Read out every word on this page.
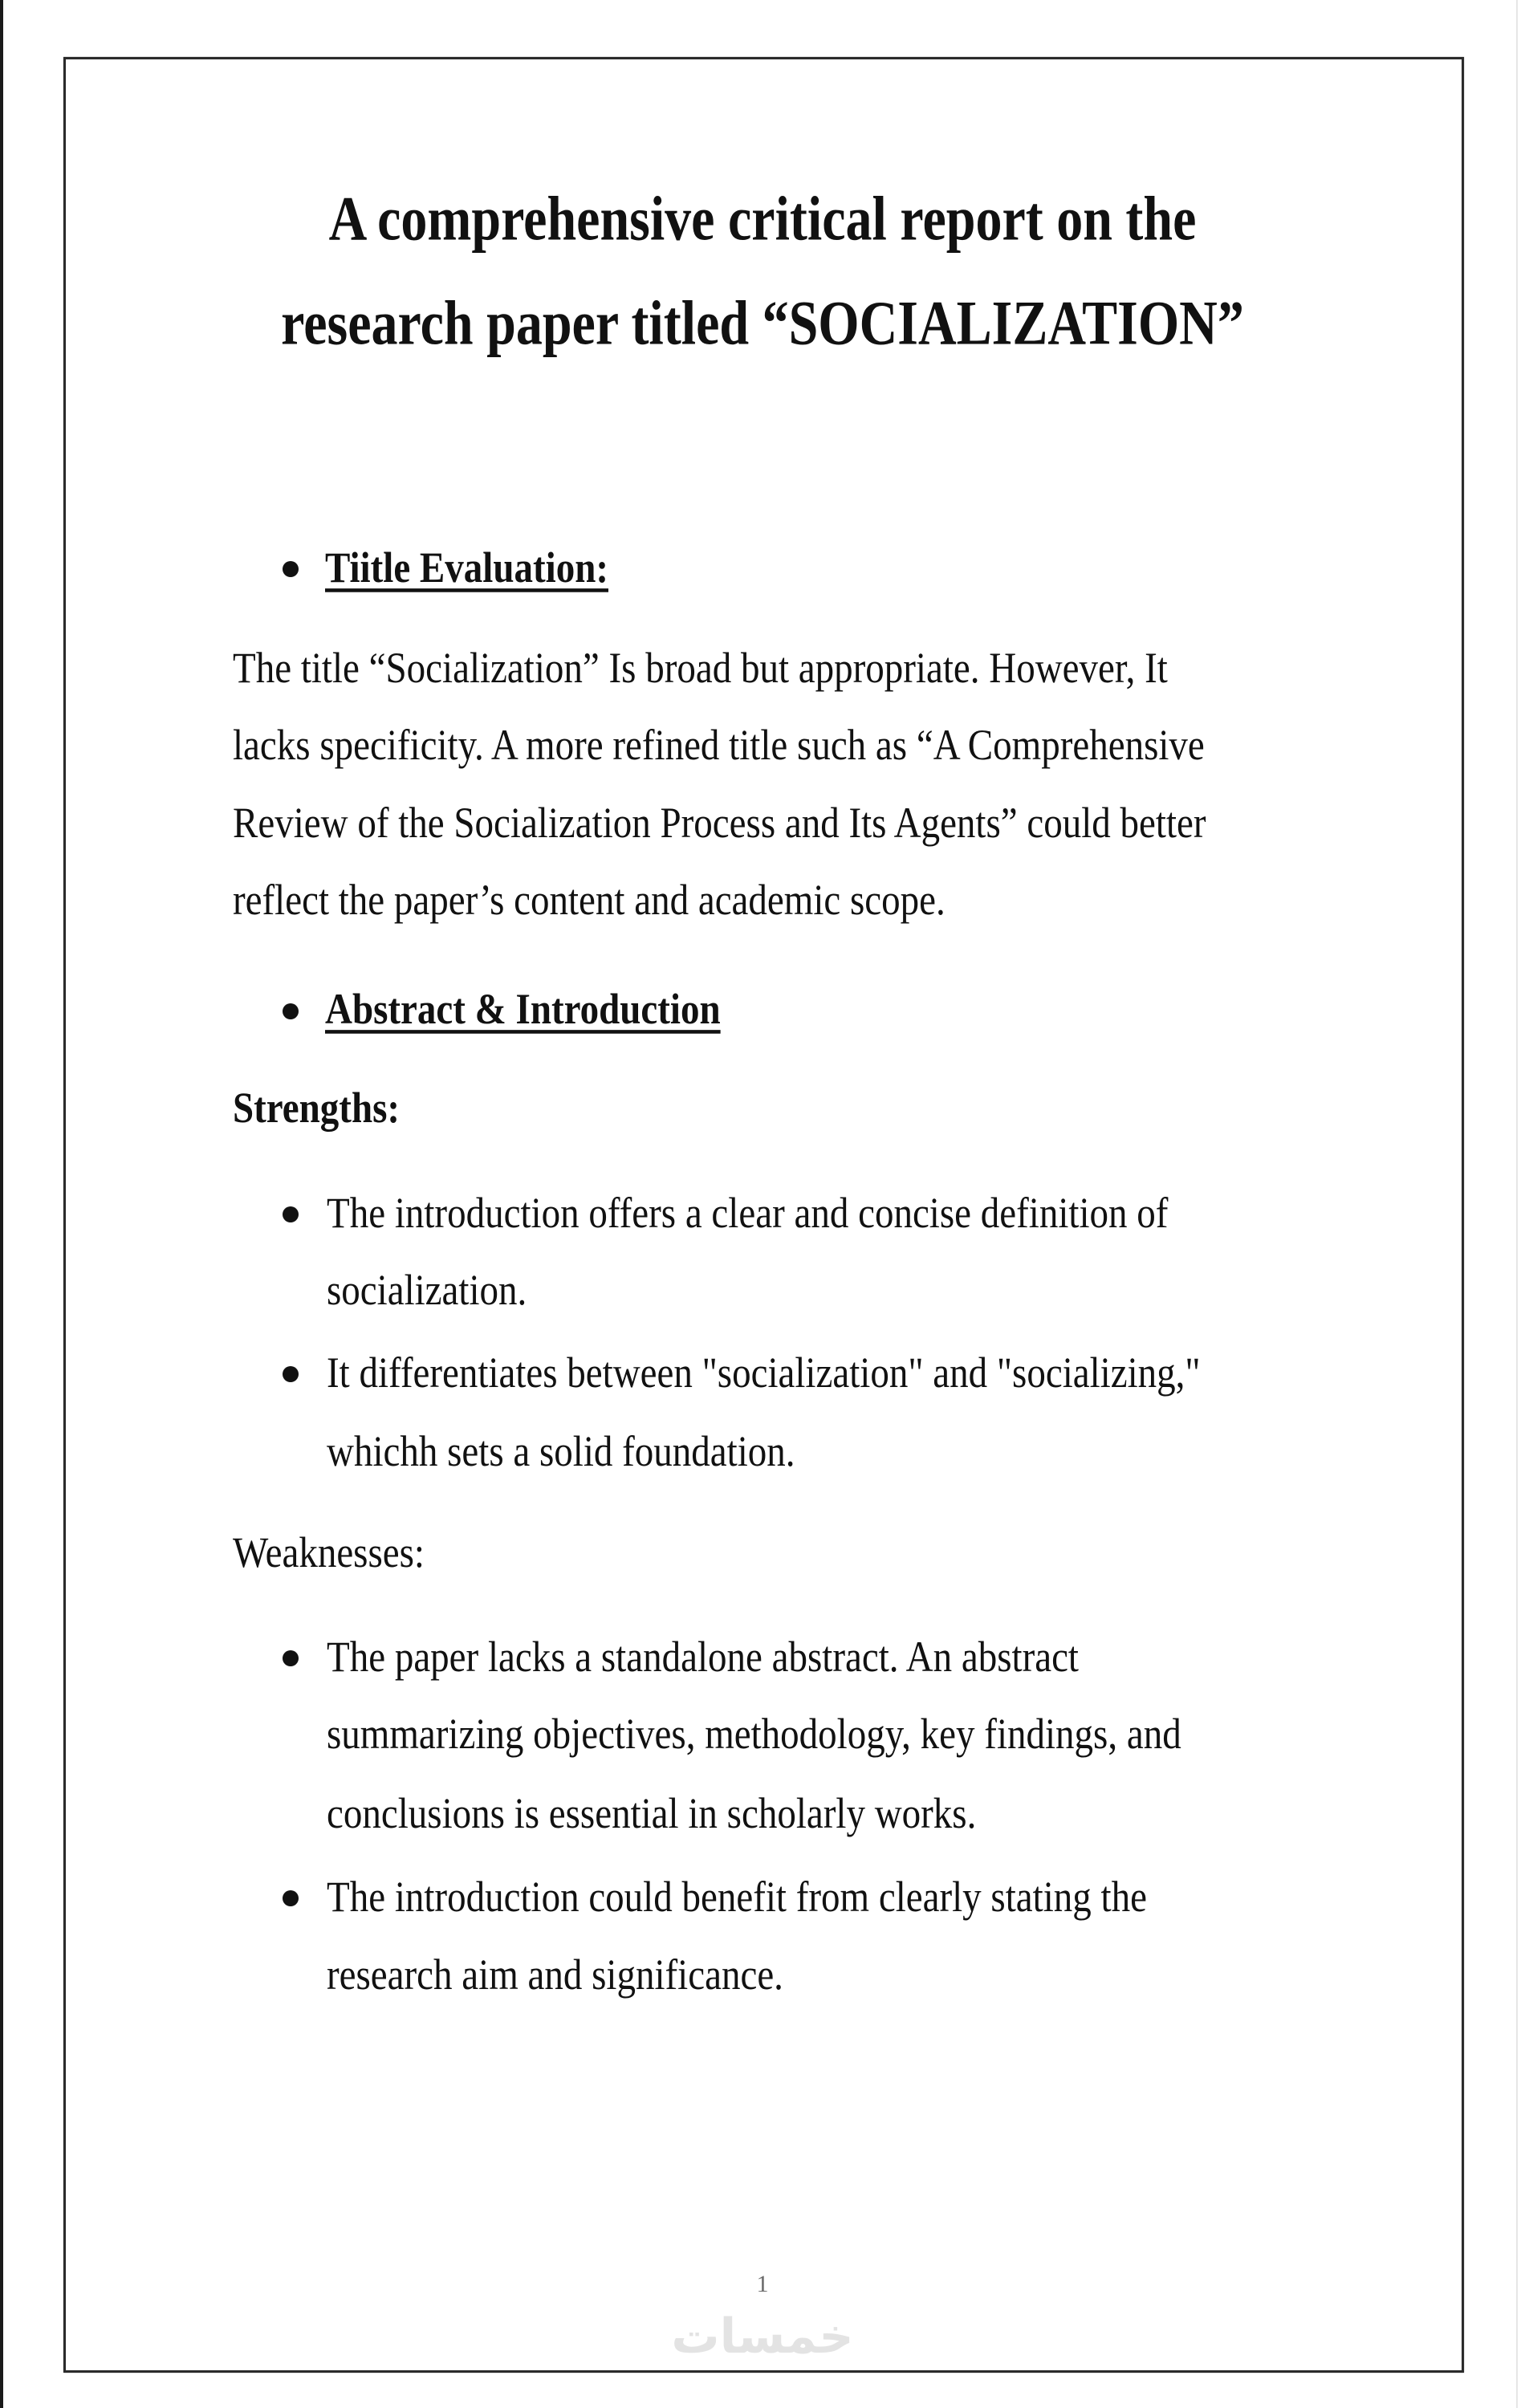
A comprehensive critical report on the
research paper titled “SOCIALIZATION”
Tiitle Evaluation:
The title “Socialization” Is broad but appropriate. However, It
lacks specificity. A more refined title such as “A Comprehensive
Review of the Socialization Process and Its Agents” could better
reflect the paper’s content and academic scope.
Abstract & Introduction
Strengths:
The introduction offers a clear and concise definition of
socialization.
It differentiates between "socialization" and "socializing,"
whichh sets a solid foundation.
Weaknesses:
The paper lacks a standalone abstract. An abstract
summarizing objectives, methodology, key findings, and
conclusions is essential in scholarly works.
The introduction could benefit from clearly stating the
research aim and significance.
1
خمسات
